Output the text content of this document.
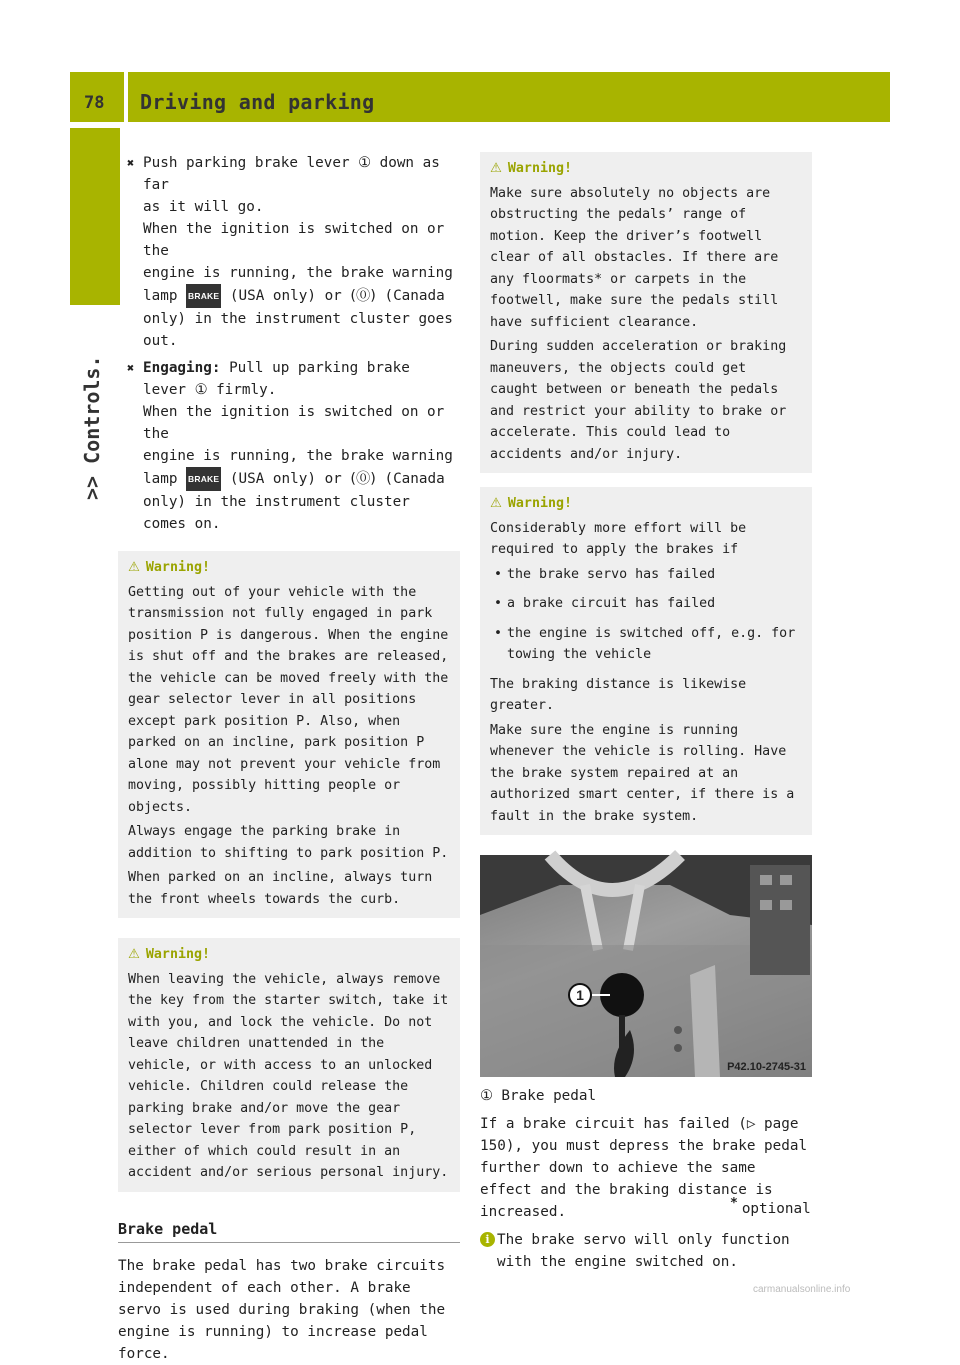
78 Driving and parking
>> Controls.
✖ Push parking brake lever ① down as far
as it will go.
When the ignition is switched on or the
engine is running, the brake warning
lamp BRAKE (USA only) or (⓪) (Canada
only) in the instrument cluster goes out.
✖ Engaging: Pull up parking brake
lever ① firmly.
When the ignition is switched on or the
engine is running, the brake warning
lamp BRAKE (USA only) or (⓪) (Canada
only) in the instrument cluster comes on.
⚠ Warning!

Getting out of your vehicle with the transmission not fully engaged in park position P is dangerous. When the engine is shut off and the brakes are released, the vehicle can be moved freely with the gear selector lever in all positions except park position P. Also, when parked on an incline, park position P alone may not prevent your vehicle from moving, possibly hitting people or objects.

Always engage the parking brake in addition to shifting to park position P.

When parked on an incline, always turn the front wheels towards the curb.

⚠ Warning!

When leaving the vehicle, always remove the key from the starter switch, take it with you, and lock the vehicle. Do not leave children unattended in the vehicle, or with access to an unlocked vehicle. Children could release the parking brake and/or move the gear selector lever from park position P, either of which could result in an accident and/or serious personal injury.

Brake pedal

The brake pedal has two brake circuits independent of each other. A brake servo is used during braking (when the engine is running) to increase pedal force.

⚠ Warning!

Make sure absolutely no objects are obstructing the pedals’ range of motion. Keep the driver’s footwell clear of all obstacles. If there are any floormats* or carpets in the footwell, make sure the pedals still have sufficient clearance.

During sudden acceleration or braking maneuvers, the objects could get caught between or beneath the pedals and restrict your ability to brake or accelerate. This could lead to accidents and/or injury.

⚠ Warning!

Considerably more effort will be required to apply the brakes if

• the brake servo has failed
• a brake circuit has failed
• the engine is switched off, e.g. for towing the vehicle

The braking distance is likewise greater.

Make sure the engine is running whenever the vehicle is rolling. Have the brake system repaired at an authorized smart center, if there is a fault in the brake system.

1
P42.10-2745-31

① Brake pedal

If a brake circuit has failed (▷ page 150), you must depress the brake pedal further down to achieve the same effect and the braking distance is increased.

i The brake servo will only function with the engine switched on.
* optional
carmanualsonline.info
